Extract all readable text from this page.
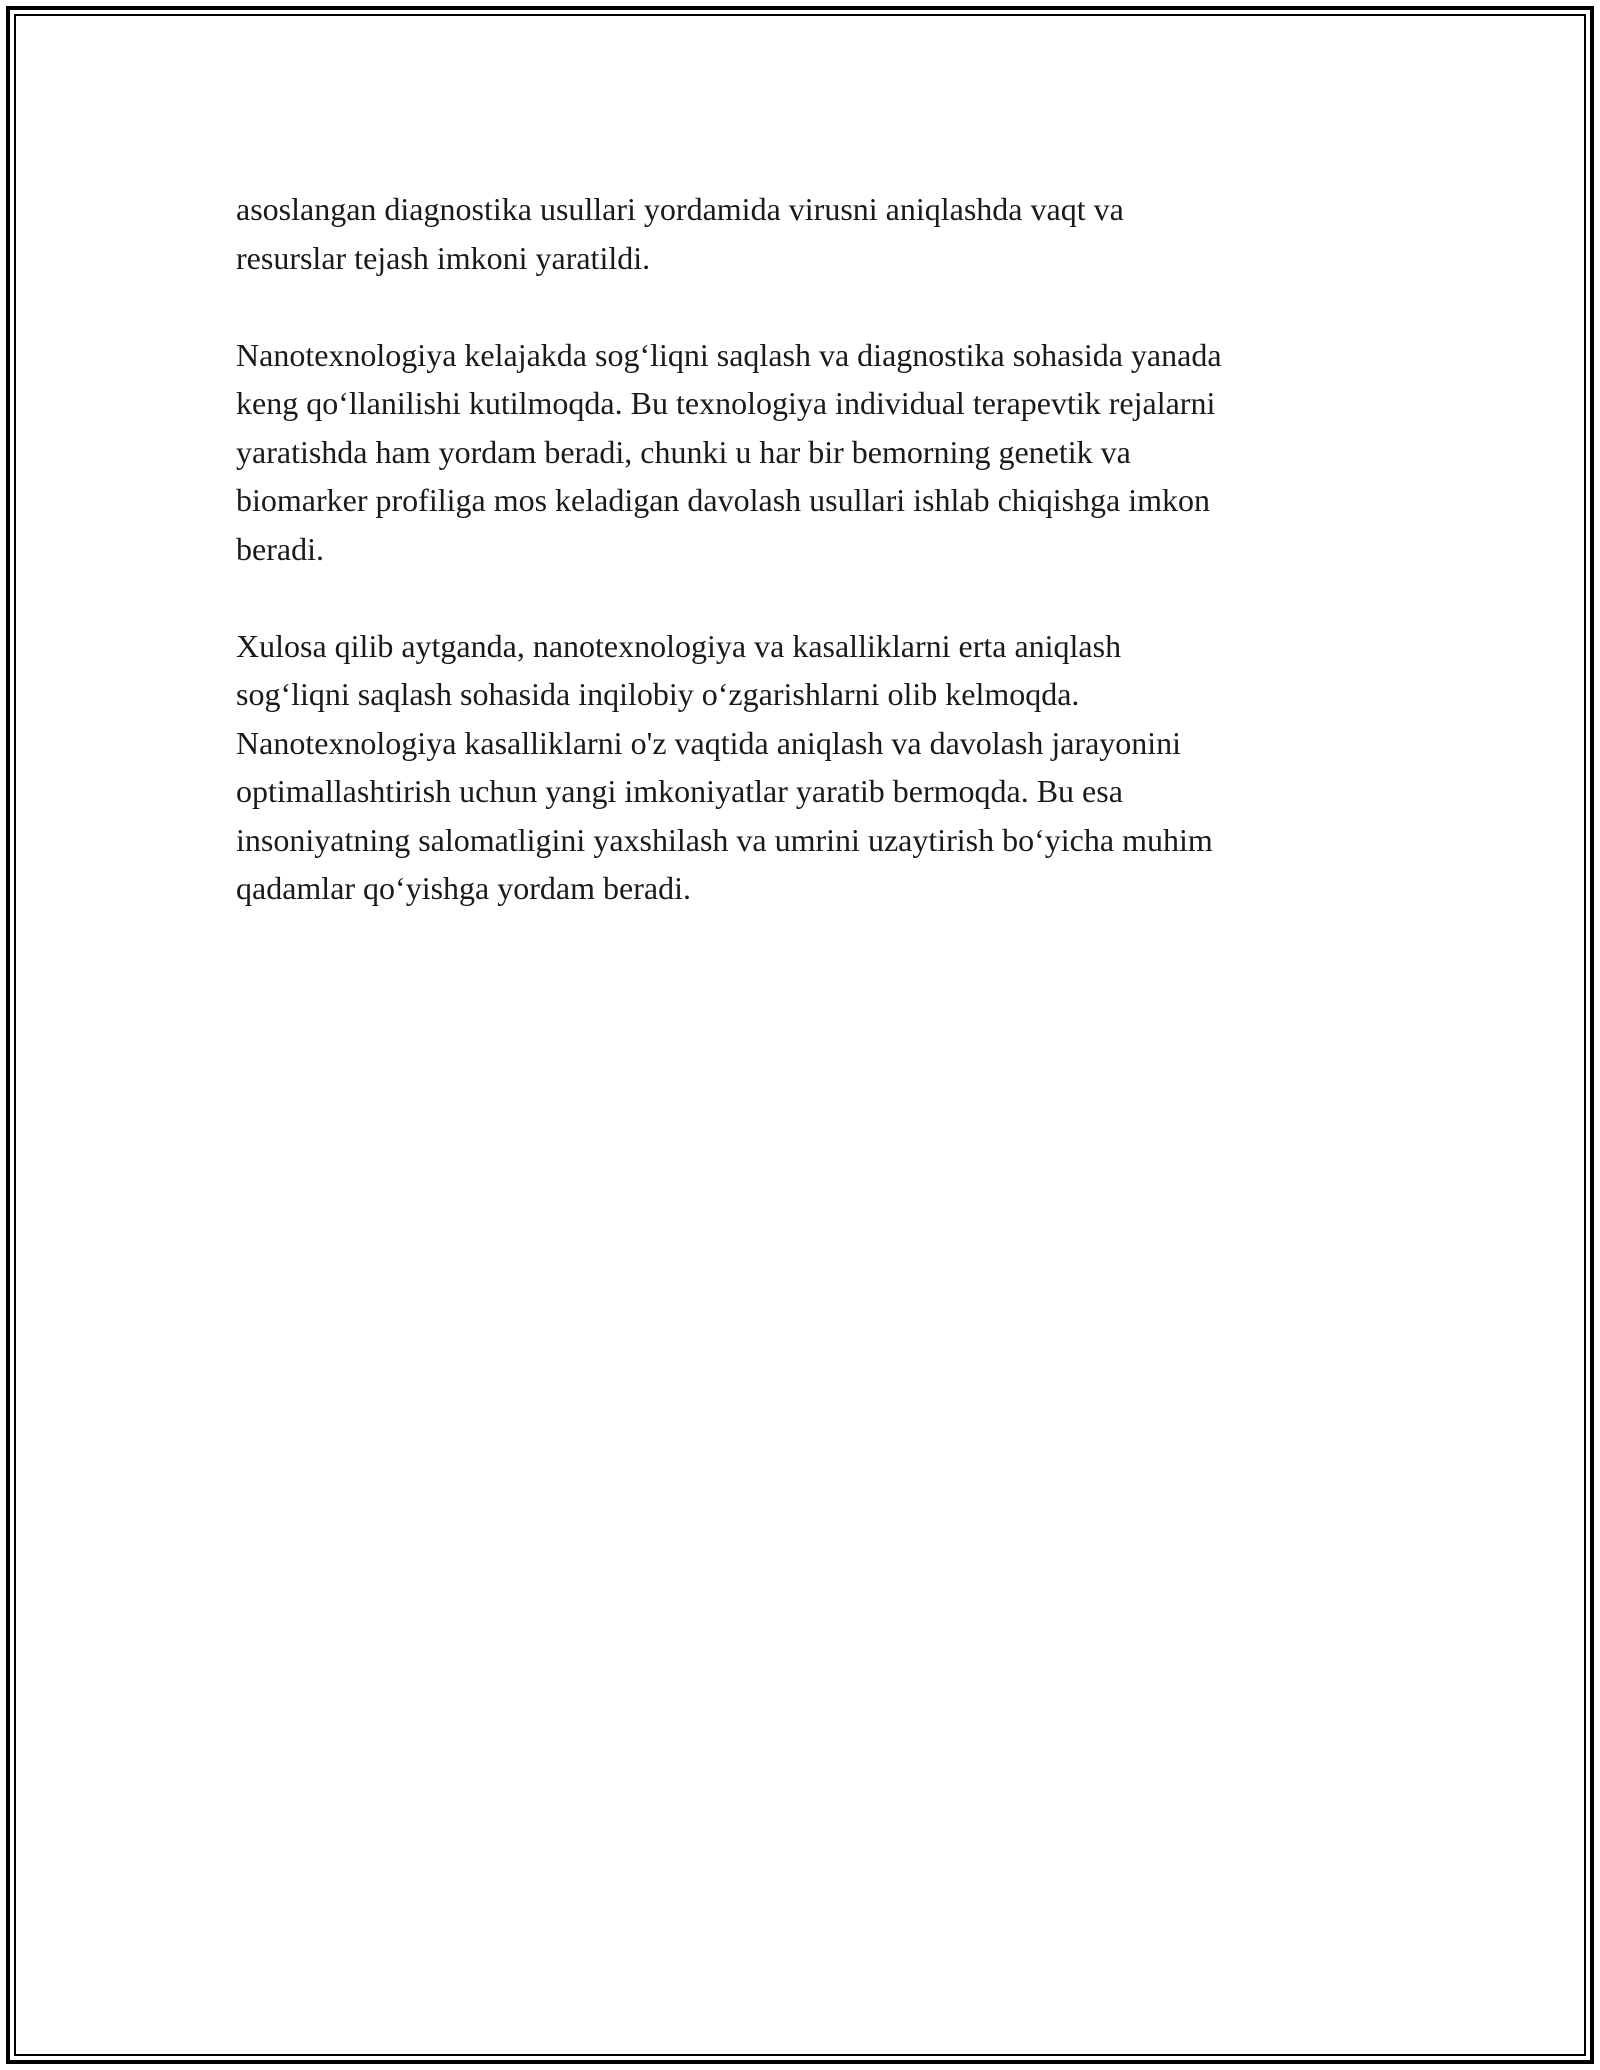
asoslangan diagnostika usullari yordamida virusni aniqlashda vaqt va
resurslar tejash imkoni yaratildi.

Nanotexnologiya kelajakda sog‘liqni saqlash va diagnostika sohasida yanada
keng qo‘llanilishi kutilmoqda. Bu texnologiya individual terapevtik rejalarni
yaratishda ham yordam beradi, chunki u har bir bemorning genetik va
biomarker profiliga mos keladigan davolash usullari ishlab chiqishga imkon
beradi.

Xulosa qilib aytganda, nanotexnologiya va kasalliklarni erta aniqlash
sog‘liqni saqlash sohasida inqilobiy o‘zgarishlarni olib kelmoqda.
Nanotexnologiya kasalliklarni o'z vaqtida aniqlash va davolash jarayonini
optimallashtirish uchun yangi imkoniyatlar yaratib bermoqda. Bu esa
insoniyatning salomatligini yaxshilash va umrini uzaytirish bo‘yicha muhim
qadamlar qo‘yishga yordam beradi.
